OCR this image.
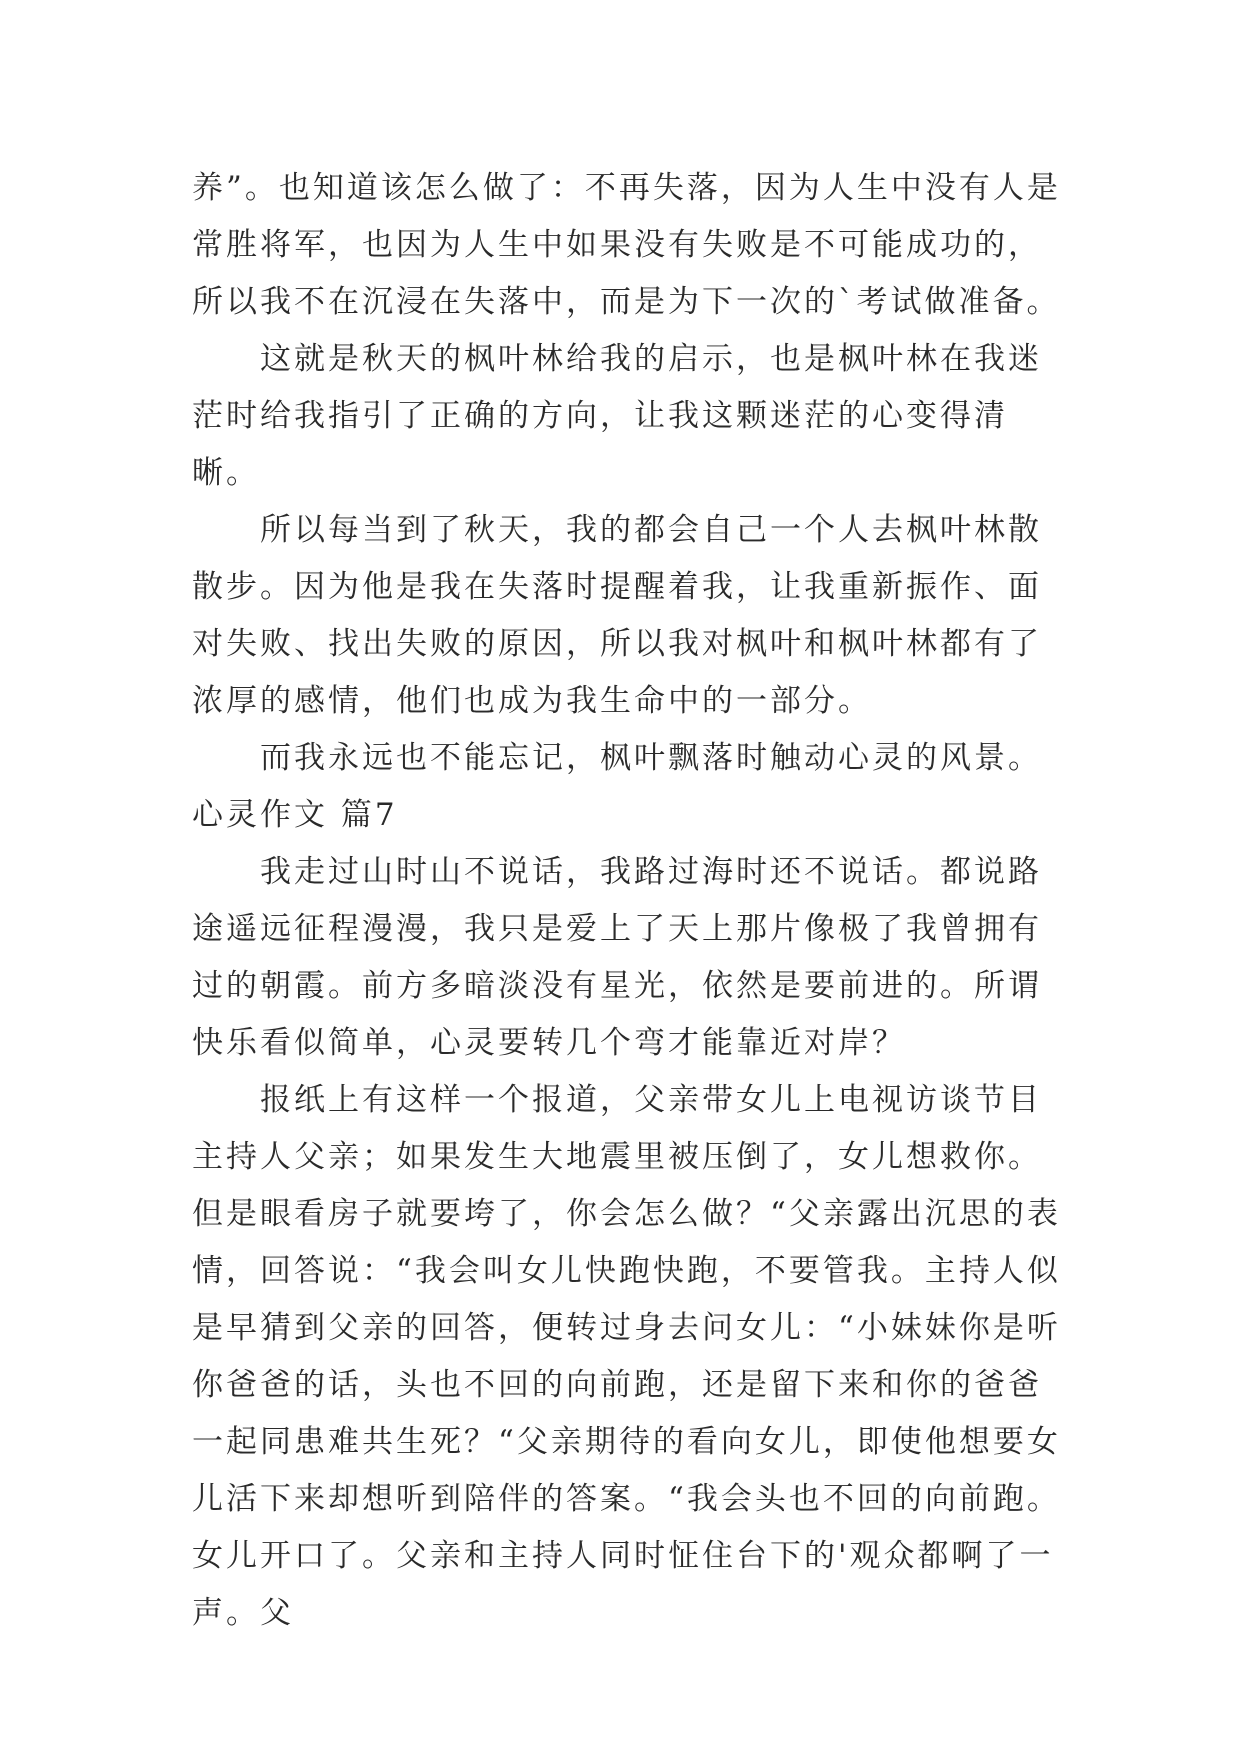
养”。也知道该怎么做了：不再失落，因为人生中没有人是常胜将军，也因为人生中如果没有失败是不可能成功的，所以我不在沉浸在失落中，而是为下一次的`考试做准备。

这就是秋天的枫叶林给我的启示，也是枫叶林在我迷茫时给我指引了正确的方向，让我这颗迷茫的心变得清晰。

所以每当到了秋天，我的都会自己一个人去枫叶林散散步。因为他是我在失落时提醒着我，让我重新振作、面对失败、找出失败的原因，所以我对枫叶和枫叶林都有了浓厚的感情，他们也成为我生命中的一部分。

而我永远也不能忘记，枫叶飘落时触动心灵的风景。

心灵作文 篇7

我走过山时山不说话，我路过海时还不说话。都说路途遥远征程漫漫，我只是爱上了天上那片像极了我曾拥有过的朝霞。前方多暗淡没有星光，依然是要前进的。所谓快乐看似简单，心灵要转几个弯才能靠近对岸？

报纸上有这样一个报道，父亲带女儿上电视访谈节目主持人父亲；如果发生大地震里被压倒了，女儿想救你。但是眼看房子就要垮了，你会怎么做？“父亲露出沉思的表情，回答说：“我会叫女儿快跑快跑，不要管我。主持人似是早猜到父亲的回答，便转过身去问女儿：“小妹妹你是听你爸爸的话，头也不回的向前跑，还是留下来和你的爸爸一起同患难共生死？“父亲期待的看向女儿，即使他想要女儿活下来却想听到陪伴的答案。“我会头也不回的向前跑。女儿开口了。父亲和主持人同时怔住台下的'观众都啊了一声。父
